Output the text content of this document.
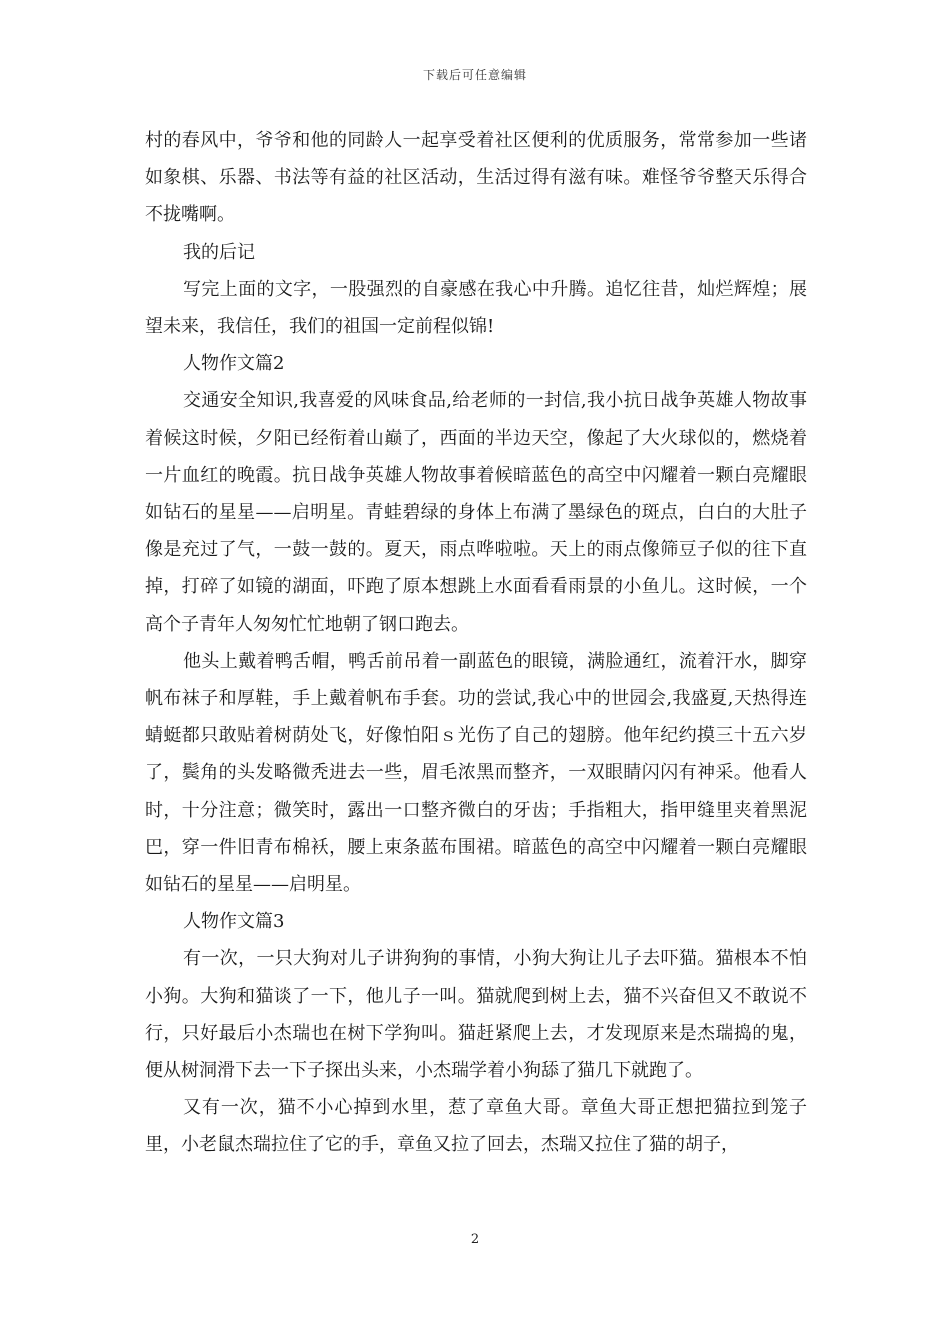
下载后可任意编辑

村的春风中，爷爷和他的同龄人一起享受着社区便利的优质服务，常常参加一些诸如象棋、乐器、书法等有益的社区活动，生活过得有滋有味。难怪爷爷整天乐得合不拢嘴啊。

我的后记

写完上面的文字，一股强烈的自豪感在我心中升腾。追忆往昔，灿烂辉煌；展望未来，我信任，我们的祖国一定前程似锦!

人物作文篇2

交通安全知识,我喜爱的风味食品,给老师的一封信,我小抗日战争英雄人物故事着候这时候，夕阳已经衔着山巅了，西面的半边天空，像起了大火球似的，燃烧着一片血红的晚霞。抗日战争英雄人物故事着候暗蓝色的高空中闪耀着一颗白亮耀眼如钻石的星星——启明星。青蛙碧绿的身体上布满了墨绿色的斑点，白白的大肚子像是充过了气，一鼓一鼓的。夏天，雨点哗啦啦。天上的雨点像筛豆子似的往下直掉，打碎了如镜的湖面，吓跑了原本想跳上水面看看雨景的小鱼儿。这时候，一个高个子青年人匆匆忙忙地朝了钢口跑去。

他头上戴着鸭舌帽，鸭舌前吊着一副蓝色的眼镜，满脸通红，流着汗水，脚穿帆布袜子和厚鞋，手上戴着帆布手套。功的尝试,我心中的世园会,我盛夏,天热得连蜻蜓都只敢贴着树荫处飞，好像怕阳ｓ光伤了自己的翅膀。他年纪约摸三十五六岁了，鬓角的头发略微秃进去一些，眉毛浓黑而整齐，一双眼睛闪闪有神采。他看人时，十分注意；微笑时，露出一口整齐微白的牙齿；手指粗大，指甲缝里夹着黑泥巴，穿一件旧青布棉袄，腰上束条蓝布围裙。暗蓝色的高空中闪耀着一颗白亮耀眼如钻石的星星——启明星。

人物作文篇3

有一次，一只大狗对儿子讲狗狗的事情，小狗大狗让儿子去吓猫。猫根本不怕小狗。大狗和猫谈了一下，他儿子一叫。猫就爬到树上去，猫不兴奋但又不敢说不行，只好最后小杰瑞也在树下学狗叫。猫赶紧爬上去，才发现原来是杰瑞捣的鬼，便从树洞滑下去一下子探出头来，小杰瑞学着小狗舔了猫几下就跑了。

又有一次，猫不小心掉到水里，惹了章鱼大哥。章鱼大哥正想把猫拉到笼子里，小老鼠杰瑞拉住了它的手，章鱼又拉了回去，杰瑞又拉住了猫的胡子，

2
